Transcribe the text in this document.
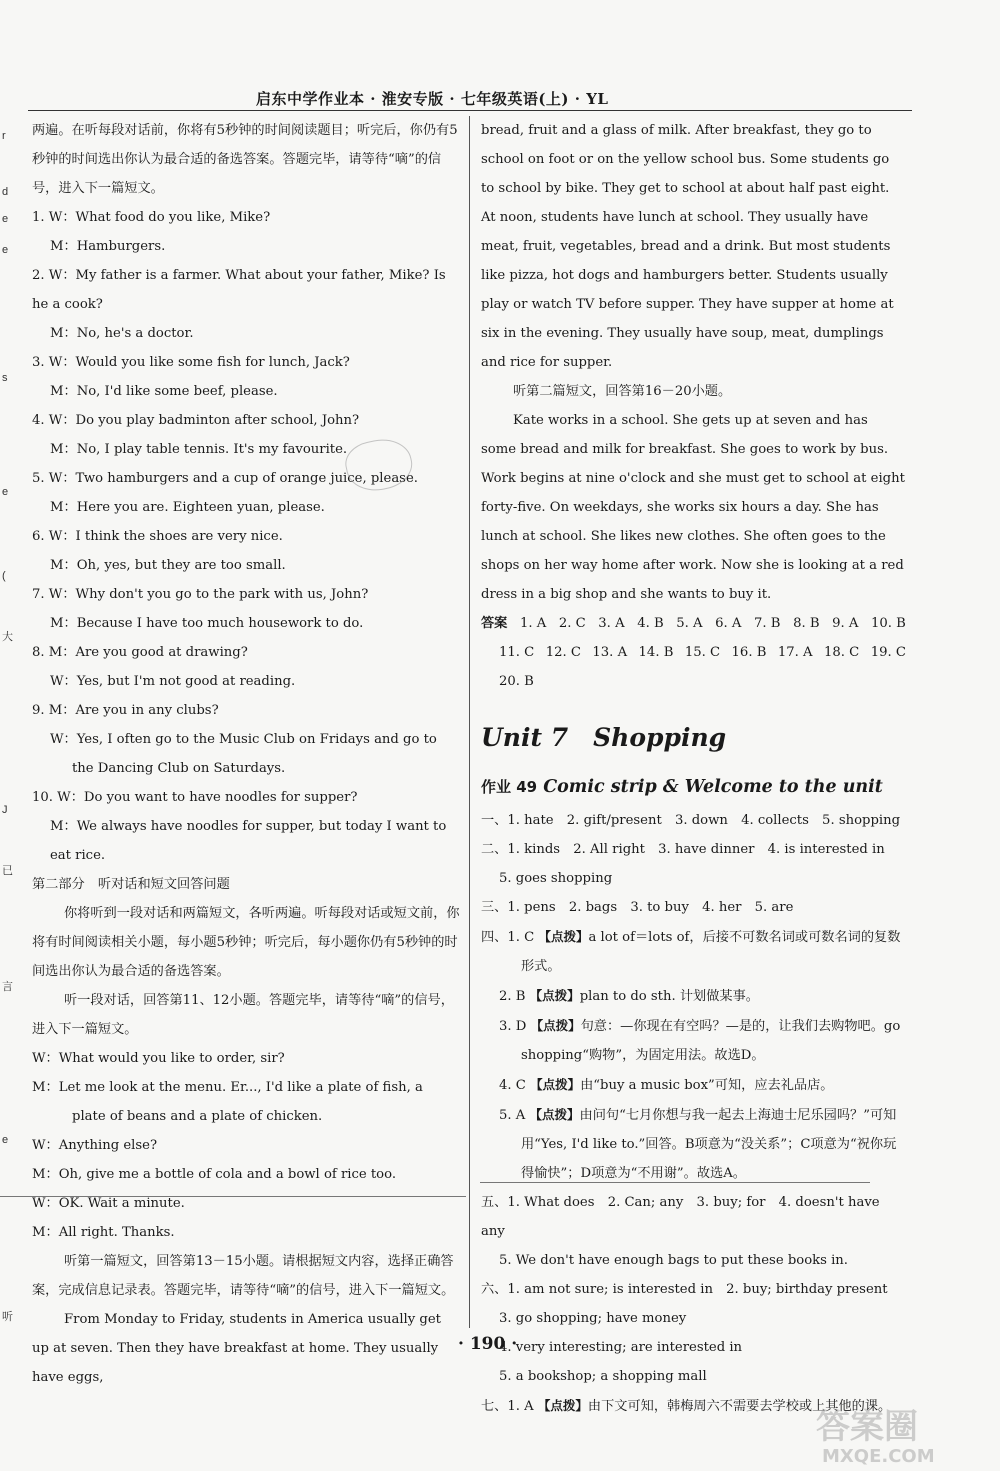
启东中学作业本 · 淮安专版 · 七年级英语(上) · YL
r
d
e
e
s
e
(
大
J
已
言
e
听
两遍。在听每段对话前，你将有5秒钟的时间阅读题目；听完后，你仍有5秒钟的时间选出你认为最合适的备选答案。答题完毕，请等待“嘀”的信号，进入下一篇短文。
1. W：What food do you like, Mike?
M：Hamburgers.
2. W：My father is a farmer. What about your father, Mike? Is he a cook?
M：No, he's a doctor.
3. W：Would you like some fish for lunch, Jack?
M：No, I'd like some beef, please.
4. W：Do you play badminton after school, John?
M：No, I play table tennis. It's my favourite.
5. W：Two hamburgers and a cup of orange juice, please.
M：Here you are. Eighteen yuan, please.
6. W：I think the shoes are very nice.
M：Oh, yes, but they are too small.
7. W：Why don't you go to the park with us, John?
M：Because I have too much housework to do.
8. M：Are you good at drawing?
W：Yes, but I'm not good at reading.
9. M：Are you in any clubs?
W：Yes, I often go to the Music Club on Fridays and go to the Dancing Club on Saturdays.
10. W：Do you want to have noodles for supper?
M：We always have noodles for supper, but today I want to eat rice.
第二部分　听对话和短文回答问题
你将听到一段对话和两篇短文，各听两遍。听每段对话或短文前，你将有时间阅读相关小题，每小题5秒钟；听完后，每小题你仍有5秒钟的时间选出你认为最合适的备选答案。
听一段对话，回答第11、12小题。答题完毕，请等待“嘀”的信号，进入下一篇短文。
W：What would you like to order, sir?
M：Let me look at the menu. Er..., I'd like a plate of fish, a plate of beans and a plate of chicken.
W：Anything else?
M：Oh, give me a bottle of cola and a bowl of rice too.
W：OK. Wait a minute.
M：All right. Thanks.
听第一篇短文，回答第13－15小题。请根据短文内容，选择正确答案，完成信息记录表。答题完毕，请等待“嘀”的信号，进入下一篇短文。
From Monday to Friday, students in America usually get up at seven. Then they have breakfast at home. They usually have eggs,
bread, fruit and a glass of milk. After breakfast, they go to school on foot or on the yellow school bus. Some students go to school by bike. They get to school at about half past eight. At noon, students have lunch at school. They usually have meat, fruit, vegetables, bread and a drink. But most students like pizza, hot dogs and hamburgers better. Students usually play or watch TV before supper. They have supper at home at six in the evening. They usually have soup, meat, dumplings and rice for supper.
听第二篇短文，回答第16－20小题。
Kate works in a school. She gets up at seven and has some bread and milk for breakfast. She goes to work by bus. Work begins at nine o'clock and she must get to school at eight forty-five. On weekdays, she works six hours a day. She has lunch at school. She likes new clothes. She often goes to the shops on her way home after work. Now she is looking at a red dress in a big shop and she wants to buy it.
答案 1. A 2. C 3. A 4. B 5. A 6. A 7. B 8. B 9. A 10. B
11. C 12. C 13. A 14. B 15. C 16. B 17. A 18. C 19. C
20. B
Unit 7　Shopping
作业 49 Comic strip & Welcome to the unit
一、1. hate　2. gift/present　3. down　4. collects　5. shopping
二、1. kinds　2. All right　3. have dinner　4. is interested in
5. goes shopping
三、1. pens　2. bags　3. to buy　4. her　5. are
四、1. C 【点拨】a lot of＝lots of，后接不可数名词或可数名词的复数形式。
2. B 【点拨】plan to do sth. 计划做某事。
3. D 【点拨】句意：—你现在有空吗？—是的，让我们去购物吧。go shopping“购物”，为固定用法。故选D。
4. C 【点拨】由“buy a music box”可知，应去礼品店。
5. A 【点拨】由问句“七月你想与我一起去上海迪士尼乐园吗？”可知用“Yes, I'd like to.”回答。B项意为“没关系”；C项意为“祝你玩得愉快”；D项意为“不用谢”。故选A。
五、1. What does　2. Can; any　3. buy; for　4. doesn't have any
5. We don't have enough bags to put these books in.
六、1. am not sure; is interested in　2. buy; birthday present
3. go shopping; have money
4. very interesting; are interested in
5. a bookshop; a shopping mall
七、1. A 【点拨】由下文可知，韩梅周六不需要去学校或上其他的课。
· 190 ·
答案圈
MXQE.COM
